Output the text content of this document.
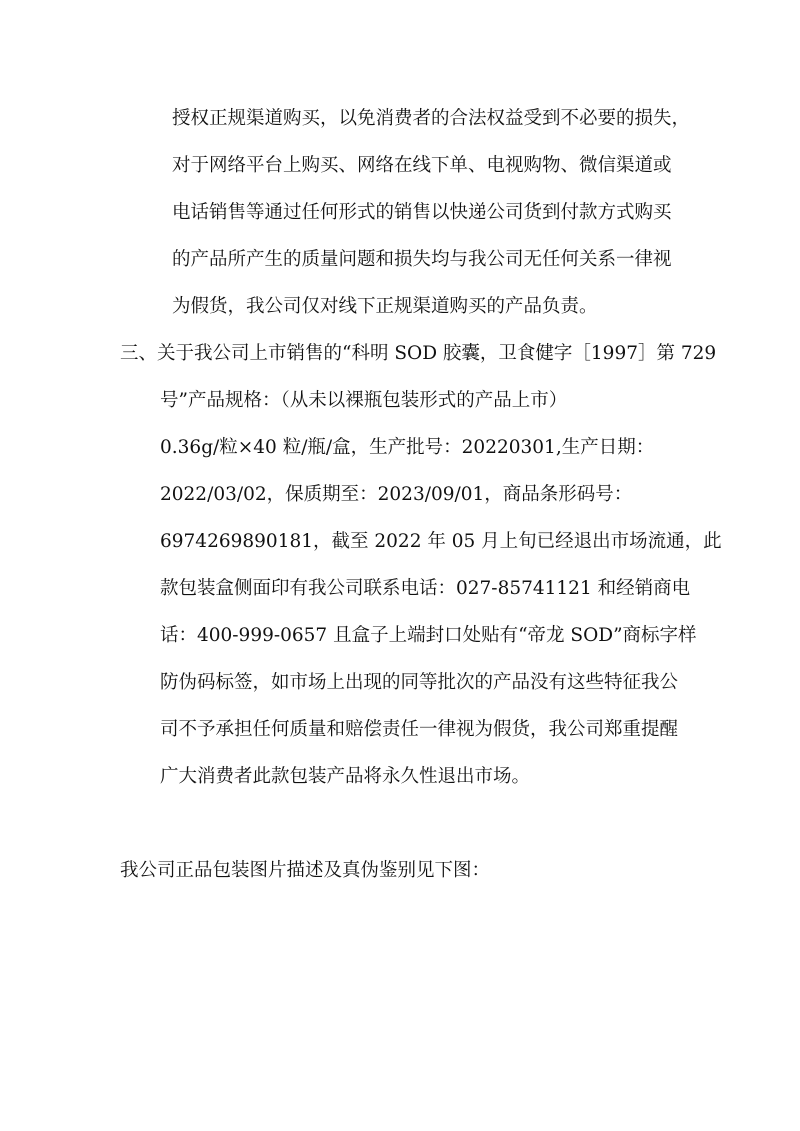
授权正规渠道购买，以免消费者的合法权益受到不必要的损失，
对于网络平台上购买、网络在线下单、电视购物、微信渠道或
电话销售等通过任何形式的销售以快递公司货到付款方式购买
的产品所产生的质量问题和损失均与我公司无任何关系一律视
为假货，我公司仅对线下正规渠道购买的产品负责。
三、关于我公司上市销售的“科明 SOD 胶囊，卫食健字［1997］第 729
号”产品规格：（从未以裸瓶包装形式的产品上市）
0.36g/粒×40 粒/瓶/盒，生产批号：20220301,生产日期：
2022/03/02，保质期至：2023/09/01，商品条形码号：
6974269890181，截至 2022 年 05 月上旬已经退出市场流通，此
款包装盒侧面印有我公司联系电话：027-85741121 和经销商电
话：400-999-0657 且盒子上端封口处贴有“帝龙 SOD”商标字样
防伪码标签，如市场上出现的同等批次的产品没有这些特征我公
司不予承担任何质量和赔偿责任一律视为假货，我公司郑重提醒
广大消费者此款包装产品将永久性退出市场。
我公司正品包装图片描述及真伪鉴别见下图：
